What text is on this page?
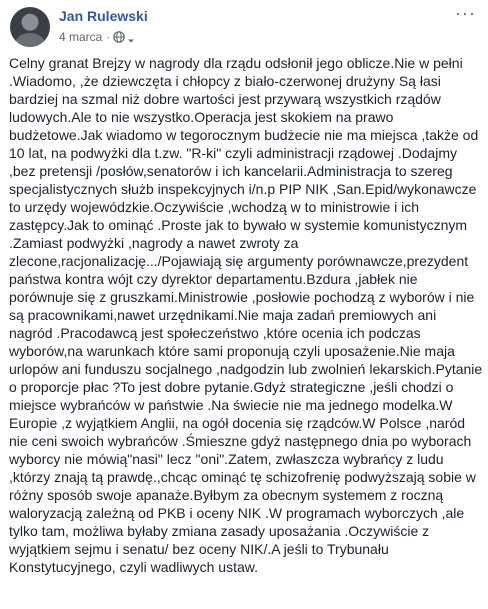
Jan Rulewski
4 marca ·
···
Celny granat Brejzy w nagrody dla rządu odsłonił jego oblicze.Nie w pełni .Wiadomo, ,że dziewczęta i chłopcy z biało-czerwonej drużyny Są łasi bardziej na szmal niż dobre wartości jest przywarą wszystkich rządów ludowych.Ale to nie wszystko.Operacja jest skokiem na prawo budżetowe.Jak wiadomo w tegorocznym budżecie nie ma miejsca ,także od 10 lat, na podwyżki dla t.zw. "R-ki" czyli administracji rządowej .Dodajmy ,bez pretensji /posłów,senatorów i ich kancelarii.Administracja to szereg specjalistycznych służb inspekcyjnych i/n.p PIP NIK ,San.Epid/wykonawcze to urzędy wojewódzkie.Oczywiście ,wchodzą w to ministrowie i ich zastępcy.Jak to ominąć .Proste jak to bywało w systemie komunistycznym .Zamiast podwyżki ,nagrody a nawet zwroty za zlecone,racjonalizację.../Pojawiają się argumenty porównawcze,prezydent państwa kontra wójt czy dyrektor departamentu.Bzdura ,jabłek nie porównuje się z gruszkami.Ministrowie ,posłowie pochodzą z wyborów i nie są pracownikami,nawet urzędnikami.Nie maja zadań premiowych ani nagród .Pracodawcą jest społeczeństwo ,które ocenia ich podczas wyborów,na warunkach które sami proponują czyli uposażenie.Nie maja urlopów ani funduszu socjalnego ,nadgodzin lub zwolnień lekarskich.Pytanie o proporcje płac ?To jest dobre pytanie.Gdyż strategiczne ,jeśli chodzi o miejsce wybrańców w państwie .Na świecie nie ma jednego modelka.W Europie ,z wyjątkiem Anglii, na ogół docenia się rządców.W Polsce ,naród nie ceni swoich wybrańców .Śmieszne gdyż następnego dnia po wyborach wyborcy nie mówią"nasi" lecz "oni".Zatem, zwłaszcza wybrańcy z ludu ,którzy znają tą prawdę.,chcąc ominąć tę schizofrenię podwyższają sobie w różny sposób swoje apanaże.Byłbym za obecnym systemem z roczną waloryzacją zależną od PKB i oceny NIK .W programach wyborczych ,ale tylko tam, możliwa byłaby zmiana zasady uposażania .Oczywiście z wyjątkiem sejmu i senatu/ bez oceny NIK/.A jeśli to Trybunału Konstytucyjnego, czyli wadliwych ustaw.
